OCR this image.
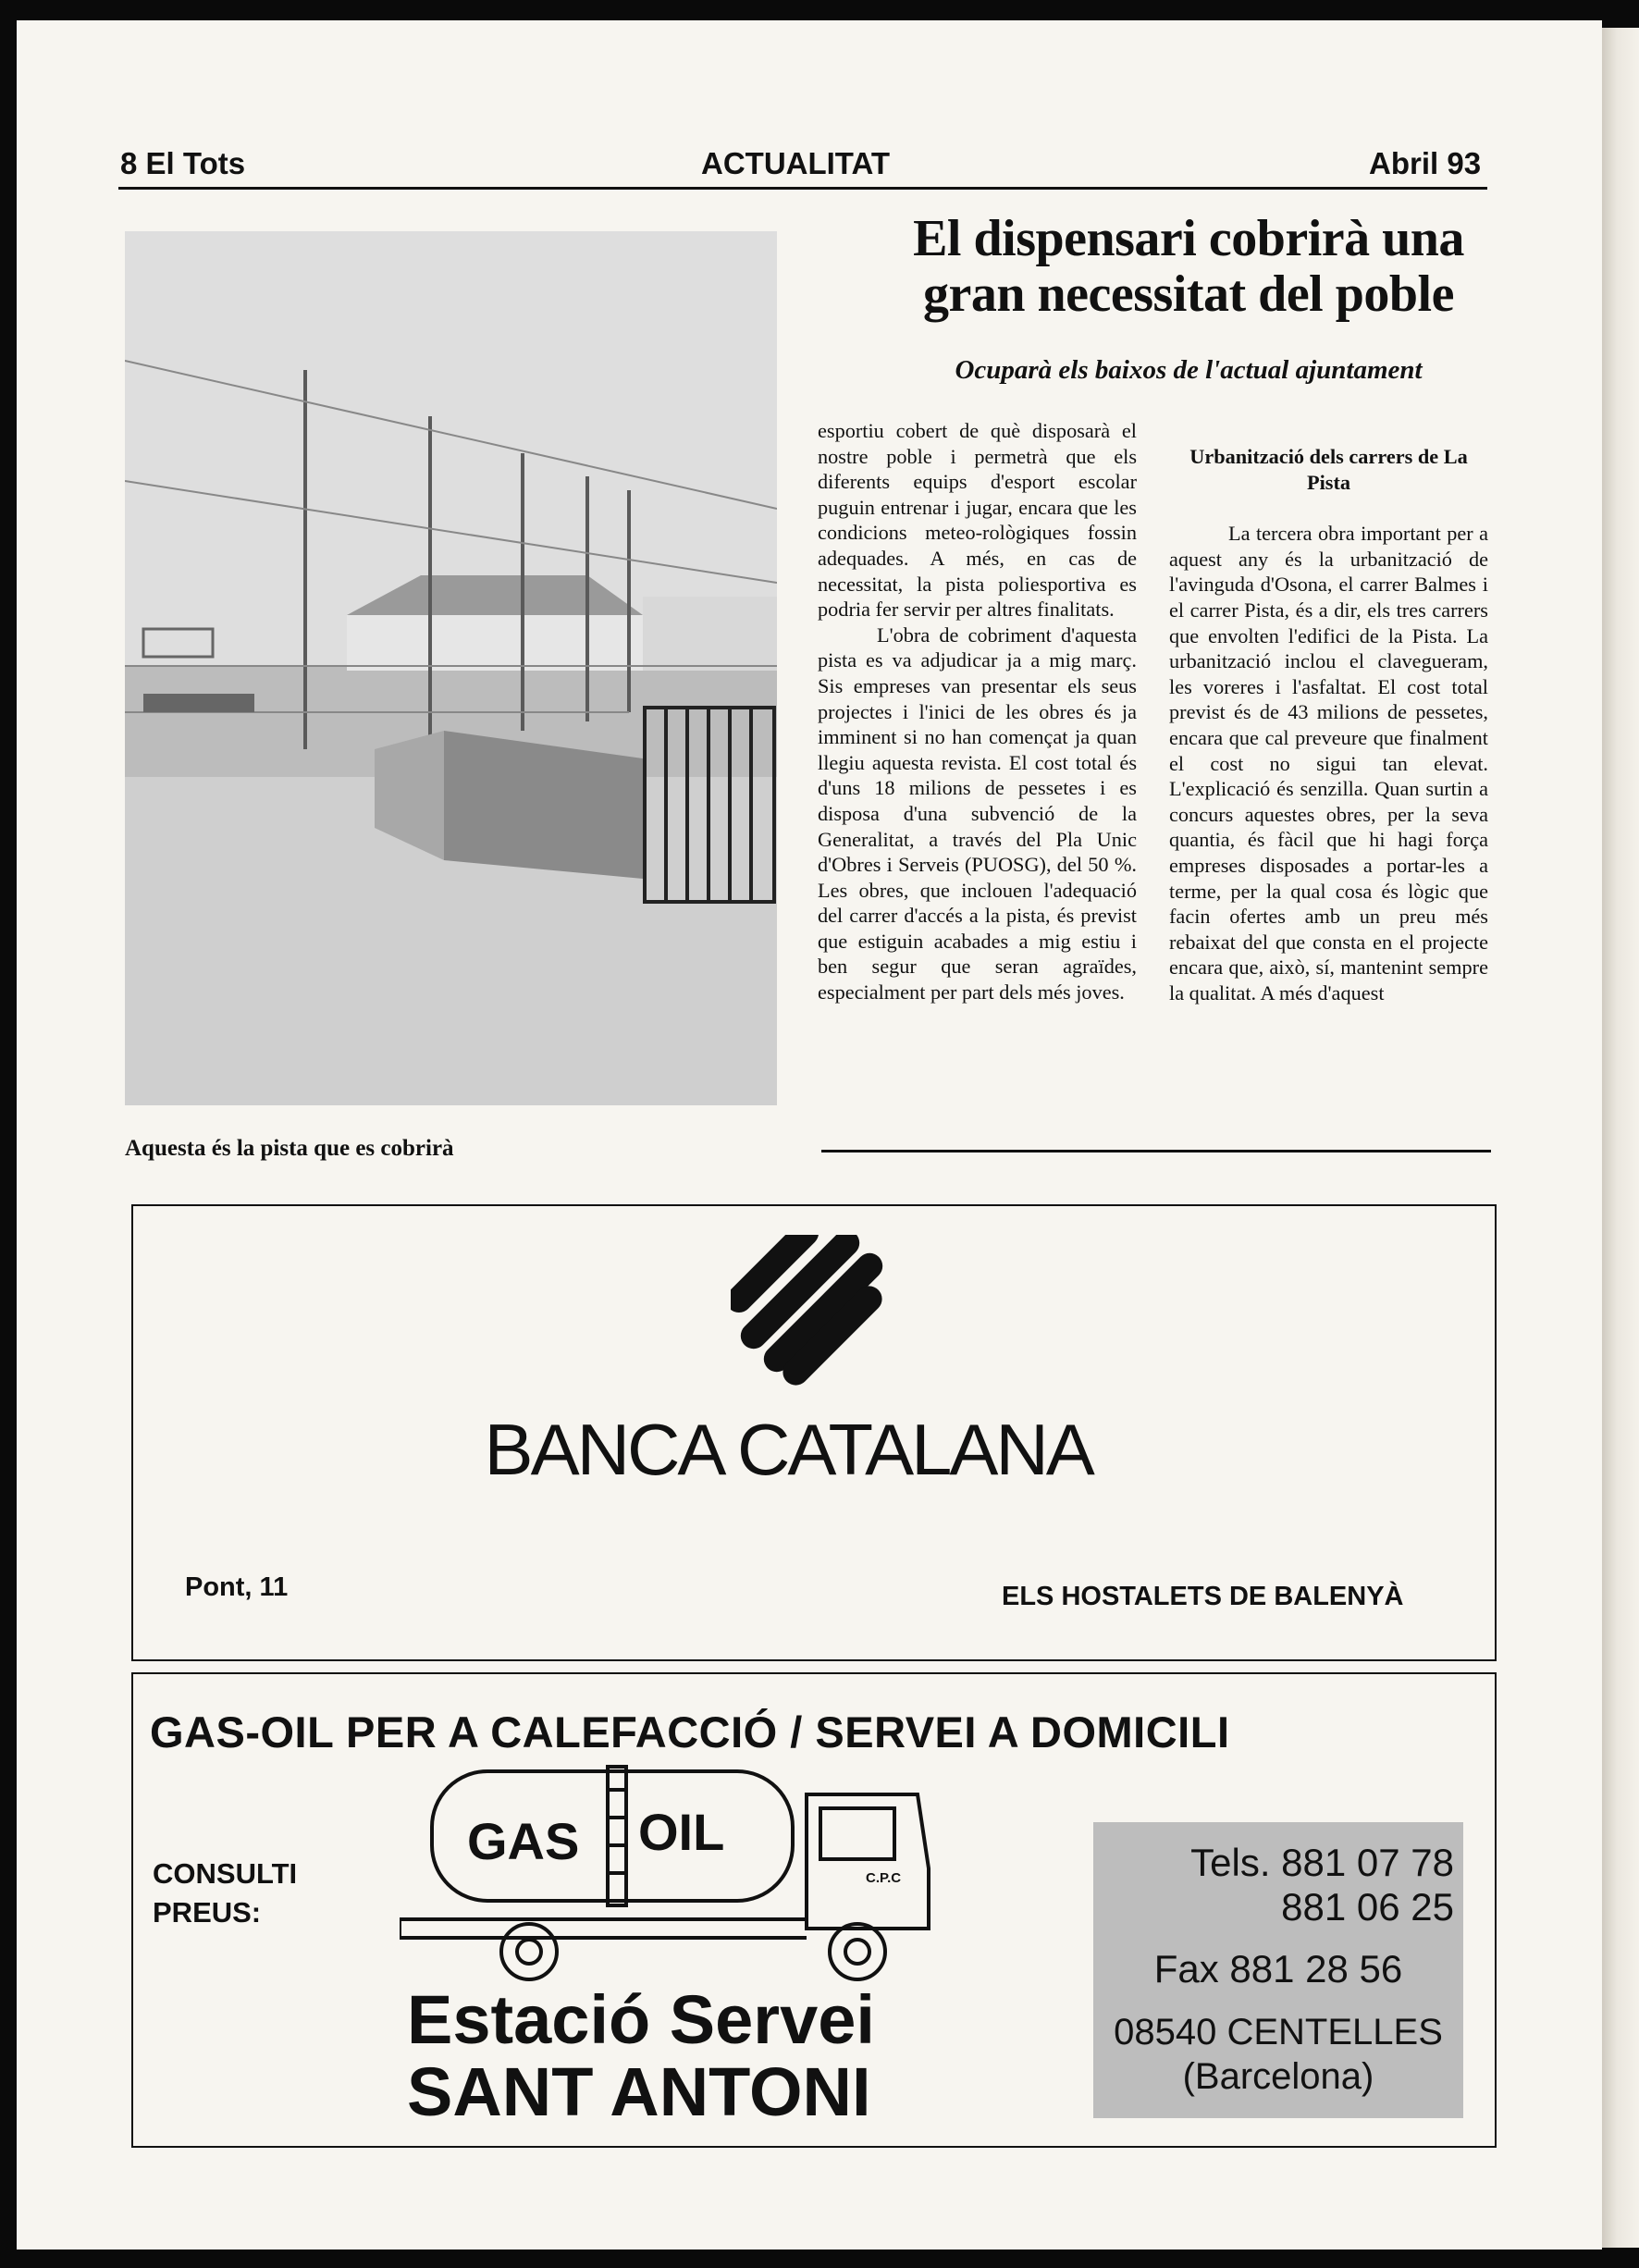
8 El Tots	ACTUALITAT	Abril 93
Aquesta és la pista que es cobrirà
El dispensari cobrirà una
gran necessitat del poble
Ocuparà els baixos de l'actual ajuntament

esportiu cobert de què disposarà el nostre poble i permetrà que els diferents equips d'esport escolar puguin entrenar i jugar, encara que les condicions meteo-rològiques fossin adequades. A més, en cas de necessitat, la pista poliesportiva es podria fer servir per altres finalitats.

L'obra de cobriment d'aquesta pista es va adjudicar ja a mig març. Sis empreses van presentar els seus projectes i l'inici de les obres és ja imminent si no han començat ja quan llegiu aquesta revista. El cost total és d'uns 18 milions de pessetes i es disposa d'una subvenció de la Generalitat, a través del Pla Unic d'Obres i Serveis (PUOSG), del 50 %. Les obres, que inclouen l'adequació del carrer d'accés a la pista, és previst que estiguin acabades a mig estiu i ben segur que seran agraïdes, especialment per part dels més joves.

Urbanització dels carrers de La Pista

La tercera obra important per a aquest any és la urbanització de l'avinguda d'Osona, el carrer Balmes i el carrer Pista, és a dir, els tres carrers que envolten l'edifici de la Pista. La urbanització inclou el clavegueram, les voreres i l'asfaltat. El cost total previst és de 43 milions de pessetes, encara que cal preveure que finalment el cost no sigui tan elevat. L'explicació és senzilla. Quan surtin a concurs aquestes obres, per la seva quantia, és fàcil que hi hagi força empreses disposades a portar-les a terme, per la qual cosa és lògic que facin ofertes amb un preu més rebaixat del que consta en el projecte encara que, això, sí, mantenint sempre la qualitat. A més d'aquest

BANCA CATALANA
Pont, 11	ELS HOSTALETS DE BALENYÀ
GAS-OIL PER A CALEFACCIÓ / SERVEI A DOMICILI
CONSULTI
PREUS:
GAS OIL
C.P.C
Estació Servei
SANT ANTONI
Tels. 881 07 78
881 06 25
Fax 881 28 56
08540 CENTELLES
(Barcelona)
